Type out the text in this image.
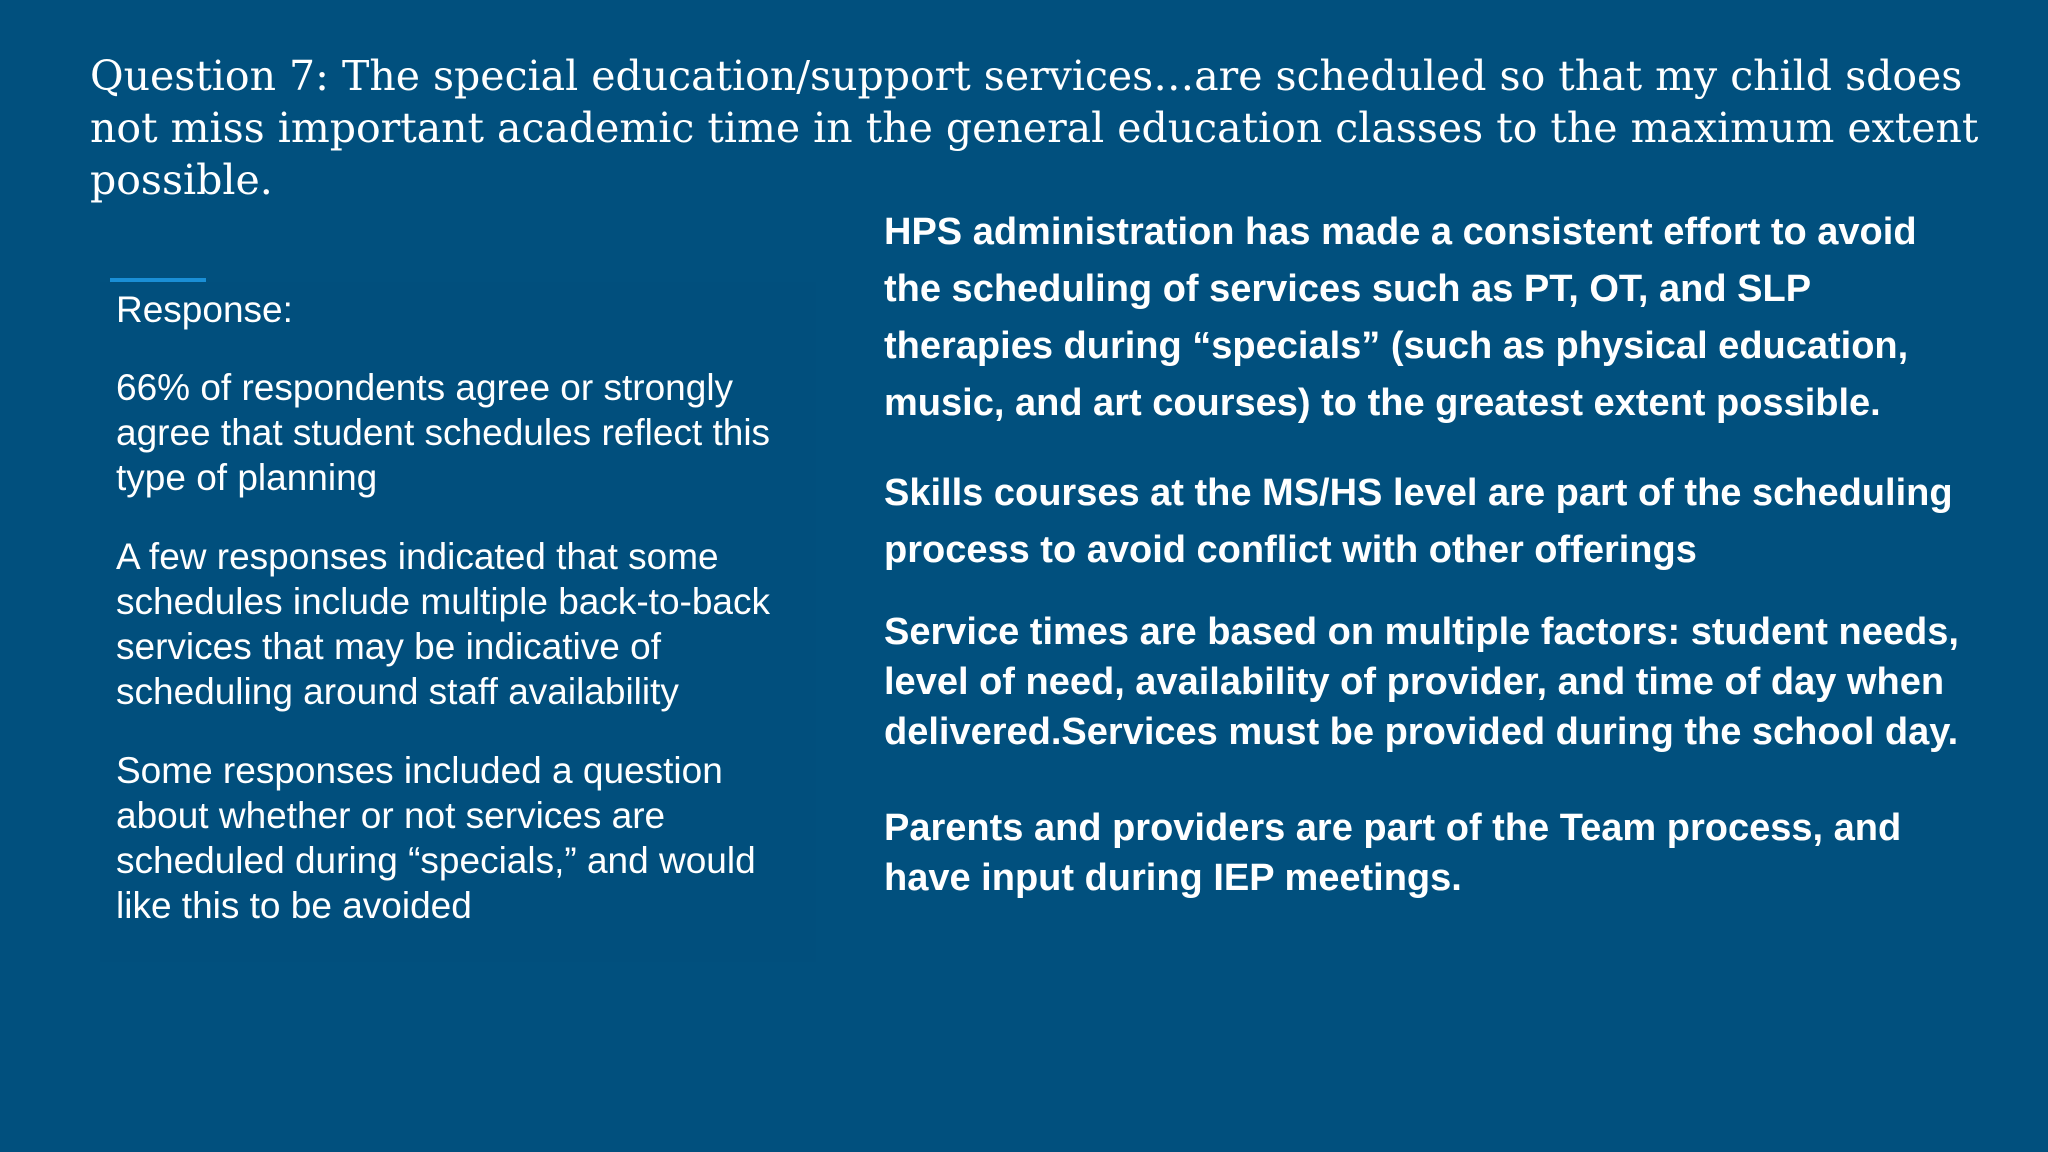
Question 7: The special education/support services…are scheduled so that my child sdoes not miss important academic time in the general education classes to the maximum extent possible.

Response:

66% of respondents agree or strongly agree that student schedules reflect this type of planning

A few responses indicated that some schedules include multiple back-to-back services that may be indicative of scheduling around staff availability

Some responses included a question about whether or not services are scheduled during “specials,” and would like this to be avoided

HPS administration has made a consistent effort to avoid the scheduling of services such as PT, OT, and SLP therapies during “specials” (such as physical education, music, and art courses) to the greatest extent possible.

Skills courses at the MS/HS level are part of the scheduling process to avoid conflict with other offerings

Service times are based on multiple factors: student needs, level of need, availability of provider, and time of day when delivered.Services must be provided during the school day.

Parents and providers are part of the Team process, and have input during IEP meetings.
